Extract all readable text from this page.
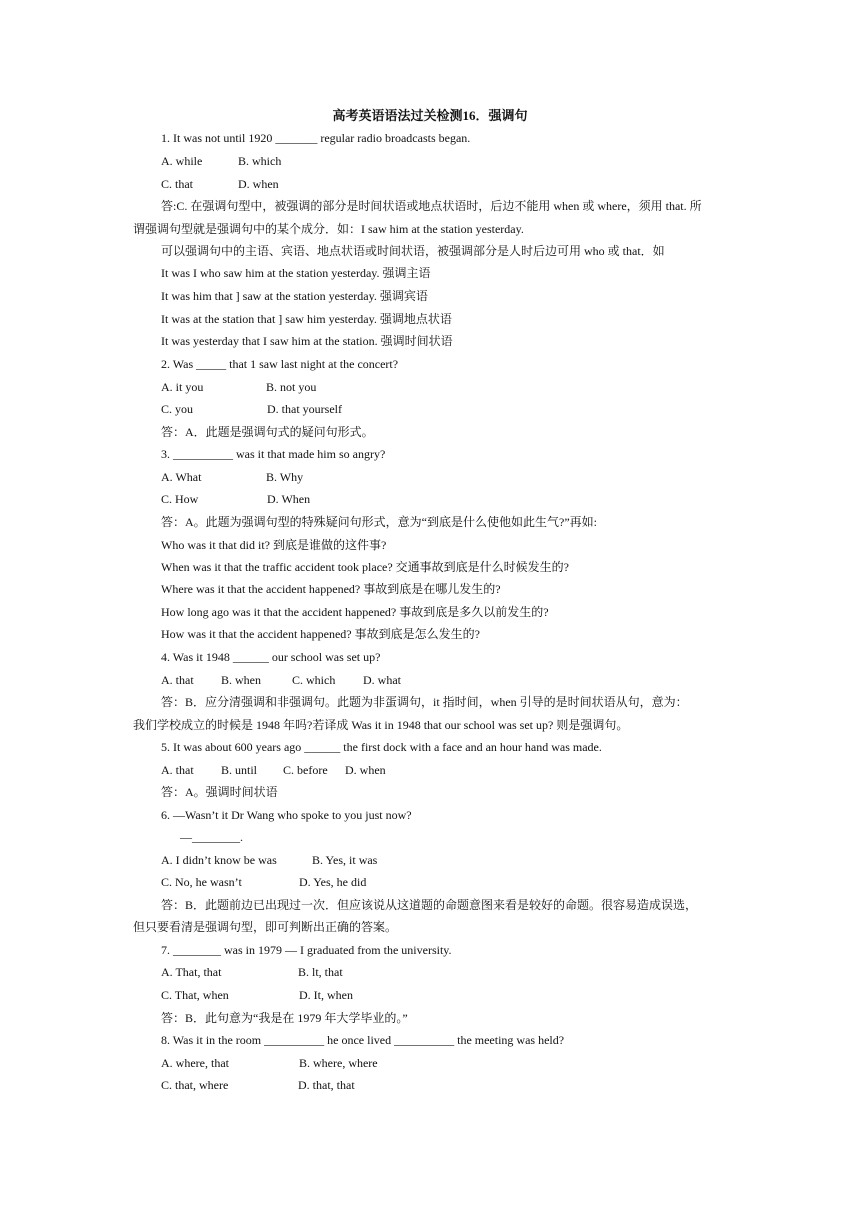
高考英语语法过关检测16．强调句
1. It was not until 1920 _______ regular radio broadcasts began.
A. while	B. which
C. that	D. when
答:C. 在强调句型中，被强调的部分是时间状语或地点状语时，后边不能用 when 或 where，须用 that. 所
谓强调句型就是强调句中的某个成分．如：I saw him at the station yesterday.
可以强调句中的主语、宾语、地点状语或时间状语，被强调部分是人时后边可用 who 或 that．如
It was I who saw him at the station yesterday. 强调主语
It was him that ] saw at the station yesterday. 强调宾语
It was at the station that ] saw him yesterday. 强调地点状语
It was yesterday that I saw him at the station. 强调时间状语
2. Was _____ that 1 saw last night at the concert?
A. it you	B. not you
C. you	D. that yourself
答：A．此题是强调句式的疑问句形式。
3. __________ was it that made him so angry?
A. What	B. Why
C. How	D. When
答：A。此题为强调句型的特殊疑问句形式，意为“到底是什么使他如此生气?”再如:
Who was it that did it? 到底是谁做的这件事?
When was it that the traffic accident took place? 交通事故到底是什么时候发生的?
Where was it that the accident happened? 事故到底是在哪儿发生的?
How long ago was it that the accident happened? 事故到底是多久以前发生的?
How was it that the accident happened? 事故到底是怎么发生的?
4. Was it 1948 ______ our school was set up?
A. that B. when	C. which D. what
答：B．应分清强调和非强调句。此题为非蛋调句，it 指时间，when 引导的是时间状语从句，意为：
我们学校成立的时候是 1948 年吗?若译成 Was it in 1948 that our school was set up? 则是强调句。
5. It was about 600 years ago ______ the first dock with a face and an hour hand was made.
A. that B. until C. before D. when
答：A。强调时间状语
6. —Wasn’t it Dr Wang who spoke to you just now?
—________.
A. I didn’t know be was	B. Yes, it was
C. No, he wasn’t	D. Yes, he did
答：B．此题前边已出现过一次．但应该说从这道题的命题意图来看是较好的命题。很容易造成误选，
但只要看清是强调句型，即可判断出正确的答案。
7. ________ was in 1979 — I graduated from the university.
A. That, that	B. lt, that
C. That, when	D. It, when
答：B．此句意为“我是在 1979 年大学毕业的。”
8. Was it in the room __________ he once lived __________ the meeting was held?
A. where, that	B. where, where
C. that, where	D. that, that
